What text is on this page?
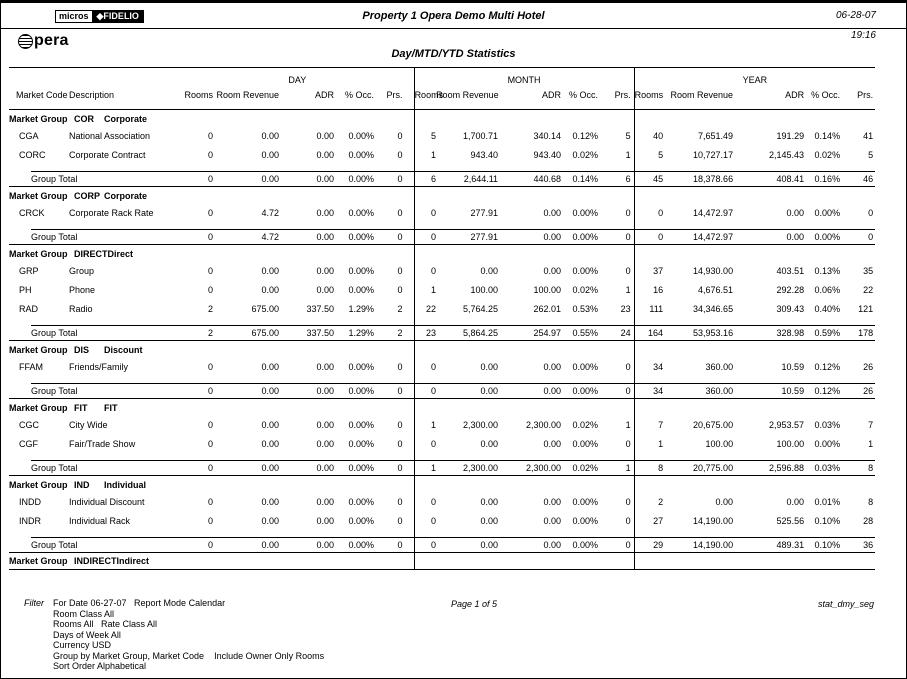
micros ◆FIDELIO	Property 1 Opera Demo Multi Hotel	06-28-07
pera	19:16
Day/MTD/YTD Statistics
		DAY					MONTH					YEAR				
Market Code	Description	Rooms	Room Revenue	ADR	% Occ.	Prs.	Rooms	Room Revenue	ADR	% Occ.	Prs.	Rooms	Room Revenue	ADR	% Occ.	Prs.
Market Group	COR Corporate															
CGA	National Association	0	0.00	0.00	0.00%	0	5	1,700.71	340.14	0.12%	5	40	7,651.49	191.29	0.14%	41
CORC	Corporate Contract	0	0.00	0.00	0.00%	0	1	943.40	943.40	0.02%	1	5	10,727.17	2,145.43	0.02%	5

Group Total		0	0.00	0.00	0.00%	0	6	2,644.11	440.68	0.14%	6	45	18,378.66	408.41	0.16%	46
Market Group	CORP Corporate															
CRCK	Corporate Rack Rate	0	4.72	0.00	0.00%	0	0	277.91	0.00	0.00%	0	0	14,472.97	0.00	0.00%	0

Group Total		0	4.72	0.00	0.00%	0	0	277.91	0.00	0.00%	0	0	14,472.97	0.00	0.00%	0
Market Group	DIRECTDirect															
GRP	Group	0	0.00	0.00	0.00%	0	0	0.00	0.00	0.00%	0	37	14,930.00	403.51	0.13%	35
PH	Phone	0	0.00	0.00	0.00%	0	1	100.00	100.00	0.02%	1	16	4,676.51	292.28	0.06%	22
RAD	Radio	2	675.00	337.50	1.29%	2	22	5,764.25	262.01	0.53%	23	111	34,346.65	309.43	0.40%	121

Group Total		2	675.00	337.50	1.29%	2	23	5,864.25	254.97	0.55%	24	164	53,953.16	328.98	0.59%	178
Market Group	DIS Discount															
FFAM	Friends/Family	0	0.00	0.00	0.00%	0	0	0.00	0.00	0.00%	0	34	360.00	10.59	0.12%	26

Group Total		0	0.00	0.00	0.00%	0	0	0.00	0.00	0.00%	0	34	360.00	10.59	0.12%	26
Market Group	FIT FIT															
CGC	City Wide	0	0.00	0.00	0.00%	0	1	2,300.00	2,300.00	0.02%	1	7	20,675.00	2,953.57	0.03%	7
CGF	Fair/Trade Show	0	0.00	0.00	0.00%	0	0	0.00	0.00	0.00%	0	1	100.00	100.00	0.00%	1

Group Total		0	0.00	0.00	0.00%	0	1	2,300.00	2,300.00	0.02%	1	8	20,775.00	2,596.88	0.03%	8
Market Group	IND Individual															
INDD	Individual Discount	0	0.00	0.00	0.00%	0	0	0.00	0.00	0.00%	0	2	0.00	0.00	0.01%	8
INDR	Individual Rack	0	0.00	0.00	0.00%	0	0	0.00	0.00	0.00%	0	27	14,190.00	525.56	0.10%	28

Group Total		0	0.00	0.00	0.00%	0	0	0.00	0.00	0.00%	0	29	14,190.00	489.31	0.10%	36
Market Group	INDIRECTIndirect															
Filter For Date 06-27-07   Report Mode Calendar
Room Class All
Rooms All   Rate Class All
Days of Week All
Currency USD
Group by Market Group, Market Code    Include Owner Only Rooms
Sort Order Alphabetical
Page 1 of 5	stat_dmy_seg
